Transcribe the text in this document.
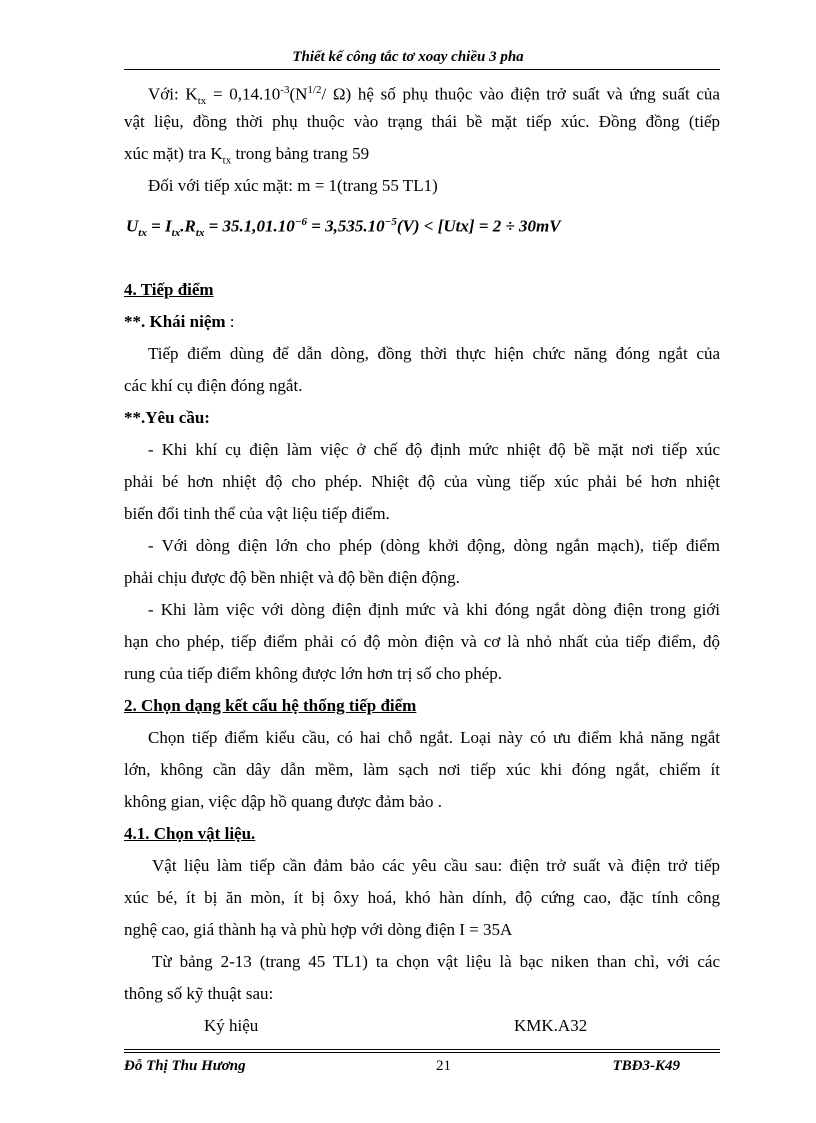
Thiết kế công tắc tơ xoay chiều 3 pha
Với: $K_{tx} = 0,14.10^{-3}(N^{1/2}/$ Ω) hệ số phụ thuộc vào điện trở suất và ứng suất của
vật liệu, đồng thời phụ thuộc vào trạng thái bề mặt tiếp xúc. Đồng đồng (tiếp
xúc mặt) tra $K_{tx}$ trong bảng trang 59
Đối với tiếp xúc mặt: m = 1(trang 55 TL1)
$U_{tx} = I_{tx}.R_{tx} = 35.1,01.10^{-6} = 3,535.10^{-5}(V) < [Utx] = 2 \div 30mV$
4. Tiếp điểm
**. Khái niệm :
Tiếp điểm dùng để dẫn dòng, đồng thời thực hiện chức năng đóng ngắt của
các khí cụ điện đóng ngắt.
**.Yêu cầu:
- Khi khí cụ điện làm việc ở chế độ định mức nhiệt độ bề mặt nơi tiếp xúc
phải bé hơn nhiệt độ cho phép. Nhiệt độ của vùng tiếp xúc phải bé hơn nhiệt
biến đổi tinh thể của vật liệu tiếp điểm.
- Với dòng điện lớn cho phép (dòng khởi động, dòng ngắn mạch), tiếp điểm
phải chịu được độ bền nhiệt và độ bền điện động.
- Khi làm việc với dòng điện định mức và khi đóng ngắt dòng điện trong giới
hạn cho phép, tiếp điểm phải có độ mòn điện và cơ là nhỏ nhất của tiếp điểm, độ
rung của tiếp điểm không được lớn hơn trị số cho phép.
2. Chọn dạng kết cấu hệ thống tiếp điểm
Chọn tiếp điểm kiểu cầu, có hai chỗ ngắt. Loại này có ưu điểm khả năng ngắt
lớn, không cần dây dẫn mềm, làm sạch nơi tiếp xúc khi đóng ngắt, chiếm ít
không gian, việc dập hồ quang được đảm bảo .
4.1. Chọn vật liệu.
Vật liệu làm tiếp cần đảm bảo các yêu cầu sau: điện trở suất và điện trở tiếp
xúc bé, ít bị ăn mòn, ít bị ôxy hoá, khó hàn dính, độ cứng cao, đặc tính công
nghệ cao, giá thành hạ và phù hợp với dòng điện I = 35A
Từ bảng 2-13 (trang 45 TL1) ta chọn vật liệu là bạc niken than chì, với các
thông số kỹ thuật sau:
Ký hiệu	KMK.A32
Đỗ Thị Thu Hương	21	TBĐ3-K49
